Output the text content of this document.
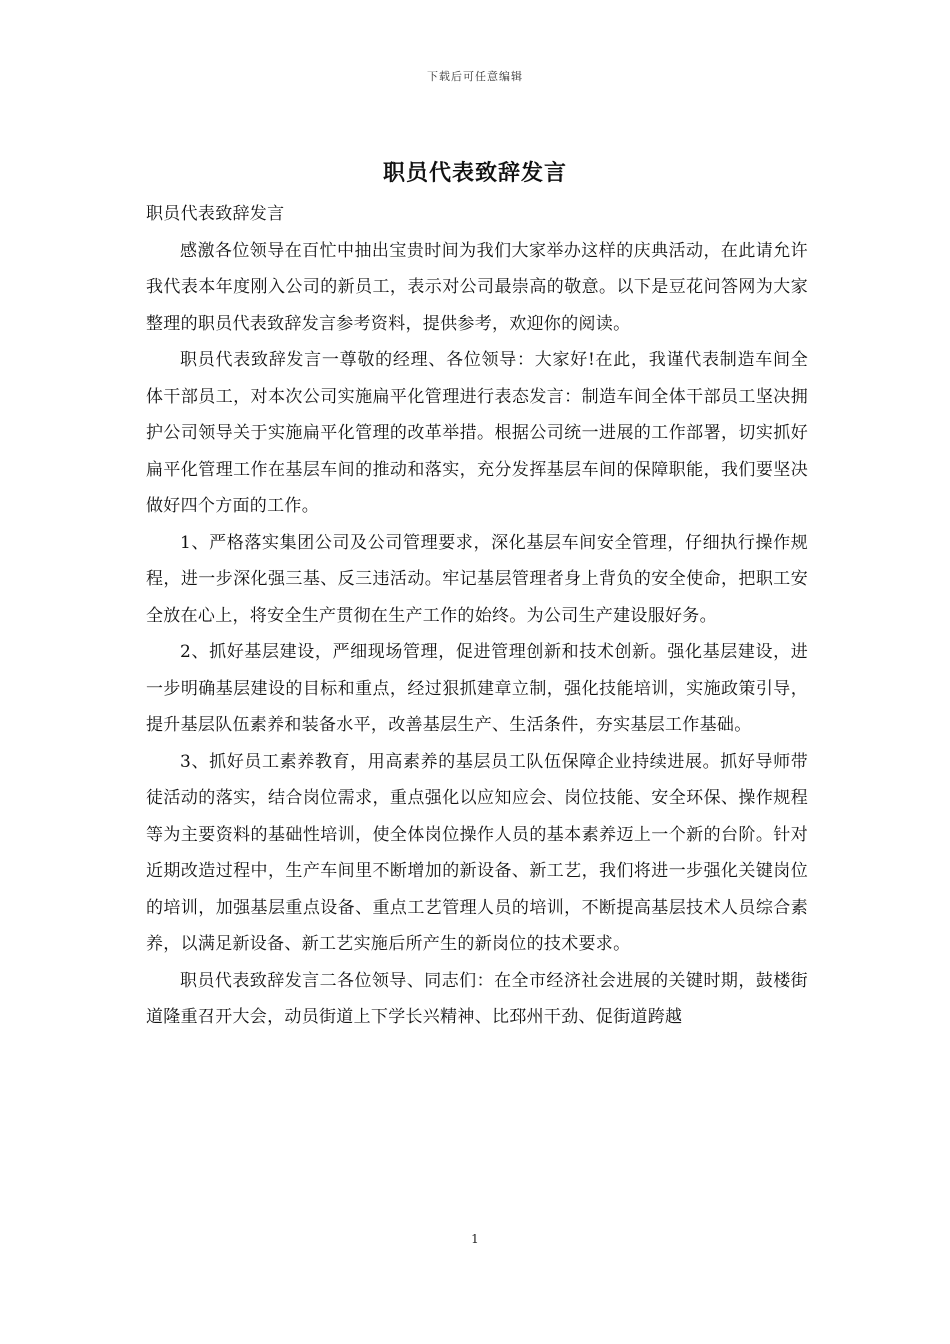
下载后可任意编辑
职员代表致辞发言

职员代表致辞发言

感激各位领导在百忙中抽出宝贵时间为我们大家举办这样的庆典活动，在此请允许我代表本年度刚入公司的新员工，表示对公司最崇高的敬意。以下是豆花问答网为大家整理的职员代表致辞发言参考资料，提供参考，欢迎你的阅读。

职员代表致辞发言一尊敬的经理、各位领导：大家好!在此，我谨代表制造车间全体干部员工，对本次公司实施扁平化管理进行表态发言：制造车间全体干部员工坚决拥护公司领导关于实施扁平化管理的改革举措。根据公司统一进展的工作部署，切实抓好扁平化管理工作在基层车间的推动和落实，充分发挥基层车间的保障职能，我们要坚决做好四个方面的工作。

1、严格落实集团公司及公司管理要求，深化基层车间安全管理，仔细执行操作规程，进一步深化强三基、反三违活动。牢记基层管理者身上背负的安全使命，把职工安全放在心上，将安全生产贯彻在生产工作的始终。为公司生产建设服好务。

2、抓好基层建设，严细现场管理，促进管理创新和技术创新。强化基层建设，进一步明确基层建设的目标和重点，经过狠抓建章立制，强化技能培训，实施政策引导，提升基层队伍素养和装备水平，改善基层生产、生活条件，夯实基层工作基础。

3、抓好员工素养教育，用高素养的基层员工队伍保障企业持续进展。抓好导师带徒活动的落实，结合岗位需求，重点强化以应知应会、岗位技能、安全环保、操作规程等为主要资料的基础性培训，使全体岗位操作人员的基本素养迈上一个新的台阶。针对近期改造过程中，生产车间里不断增加的新设备、新工艺，我们将进一步强化关键岗位的培训，加强基层重点设备、重点工艺管理人员的培训，不断提高基层技术人员综合素养，以满足新设备、新工艺实施后所产生的新岗位的技术要求。

职员代表致辞发言二各位领导、同志们：在全市经济社会进展的关键时期，鼓楼街道隆重召开大会，动员街道上下学长兴精神、比邳州干劲、促街道跨越

1
